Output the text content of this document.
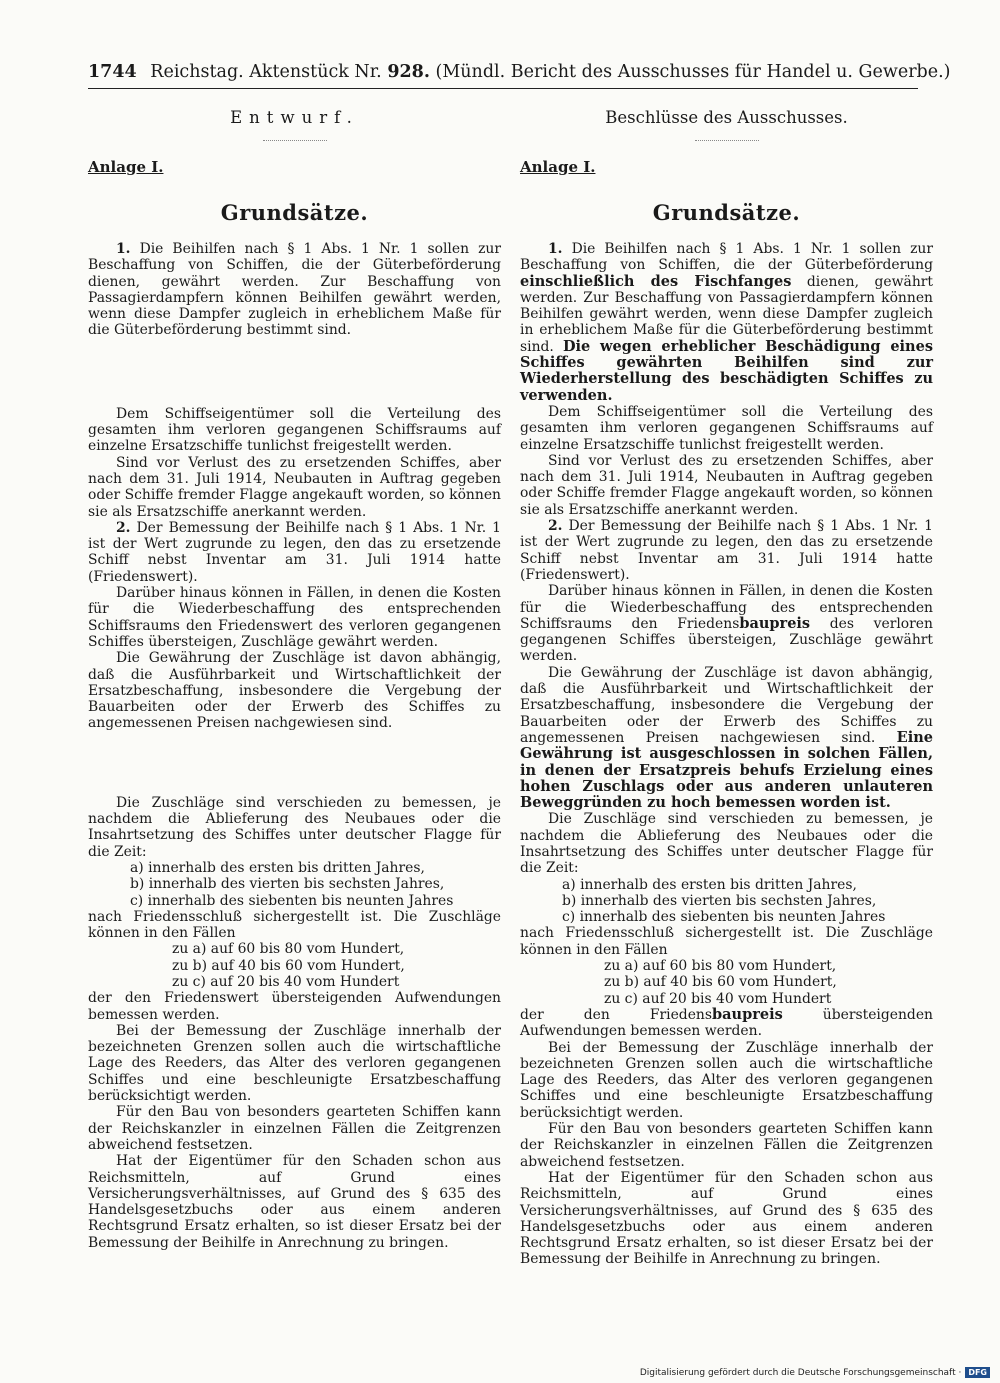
1744 Reichstag. Aktenstück Nr. 928. (Mündl. Bericht des Ausschusses für Handel u. Gewerbe.)
Entwurf.
Anlage I.
Grundsätze.

1. Die Beihilfen nach § 1 Abs. 1 Nr. 1 sollen zur Beschaffung von Schiffen, die der Güterbeförderung dienen, gewährt werden. Zur Beschaffung von Passagierdampfern können Beihilfen gewährt werden, wenn diese Dampfer zugleich in erheblichem Maße für die Güterbeförderung bestimmt sind.

Dem Schiffseigentümer soll die Verteilung des gesamten ihm verloren gegangenen Schiffsraums auf einzelne Ersatzschiffe tunlichst freigestellt werden.

Sind vor Verlust des zu ersetzenden Schiffes, aber nach dem 31. Juli 1914, Neubauten in Auftrag gegeben oder Schiffe fremder Flagge angekauft worden, so können sie als Ersatzschiffe anerkannt werden.

2. Der Bemessung der Beihilfe nach § 1 Abs. 1 Nr. 1 ist der Wert zugrunde zu legen, den das zu ersetzende Schiff nebst Inventar am 31. Juli 1914 hatte (Friedenswert).

Darüber hinaus können in Fällen, in denen die Kosten für die Wiederbeschaffung des entsprechenden Schiffsraums den Friedenswert des verloren gegangenen Schiffes übersteigen, Zuschläge gewährt werden.

Die Gewährung der Zuschläge ist davon abhängig, daß die Ausführbarkeit und Wirtschaftlichkeit der Ersatzbeschaffung, insbesondere die Vergebung der Bauarbeiten oder der Erwerb des Schiffes zu angemessenen Preisen nachgewiesen sind.

Die Zuschläge sind verschieden zu bemessen, je nachdem die Ablieferung des Neubaues oder die Insahrtsetzung des Schiffes unter deutscher Flagge für die Zeit:

a) innerhalb des ersten bis dritten Jahres,
b) innerhalb des vierten bis sechsten Jahres,
c) innerhalb des siebenten bis neunten Jahres

nach Friedensschluß sichergestellt ist. Die Zuschläge können in den Fällen

zu a) auf 60 bis 80 vom Hundert,
zu b) auf 40 bis 60 vom Hundert,
zu c) auf 20 bis 40 vom Hundert

der den Friedenswert übersteigenden Aufwendungen bemessen werden.

Bei der Bemessung der Zuschläge innerhalb der bezeichneten Grenzen sollen auch die wirtschaftliche Lage des Reeders, das Alter des verloren gegangenen Schiffes und eine beschleunigte Ersatzbeschaffung berücksichtigt werden.

Für den Bau von besonders gearteten Schiffen kann der Reichskanzler in einzelnen Fällen die Zeitgrenzen abweichend festsetzen.

Hat der Eigentümer für den Schaden schon aus Reichsmitteln, auf Grund eines Versicherungsverhältnisses, auf Grund des § 635 des Handelsgesetzbuchs oder aus einem anderen Rechtsgrund Ersatz erhalten, so ist dieser Ersatz bei der Bemessung der Beihilfe in Anrechnung zu bringen.

Beschlüsse des Ausschusses.
Anlage I.
Grundsätze.

1. Die Beihilfen nach § 1 Abs. 1 Nr. 1 sollen zur Beschaffung von Schiffen, die der Güterbeförderung einschließlich des Fischfanges dienen, gewährt werden. Zur Beschaffung von Passagierdampfern können Beihilfen gewährt werden, wenn diese Dampfer zugleich in erheblichem Maße für die Güterbeförderung bestimmt sind. Die wegen erheblicher Beschädigung eines Schiffes gewährten Beihilfen sind zur Wiederherstellung des beschädigten Schiffes zu verwenden.

Dem Schiffseigentümer soll die Verteilung des gesamten ihm verloren gegangenen Schiffsraums auf einzelne Ersatzschiffe tunlichst freigestellt werden.

Sind vor Verlust des zu ersetzenden Schiffes, aber nach dem 31. Juli 1914, Neubauten in Auftrag gegeben oder Schiffe fremder Flagge angekauft worden, so können sie als Ersatzschiffe anerkannt werden.

2. Der Bemessung der Beihilfe nach § 1 Abs. 1 Nr. 1 ist der Wert zugrunde zu legen, den das zu ersetzende Schiff nebst Inventar am 31. Juli 1914 hatte (Friedenswert).

Darüber hinaus können in Fällen, in denen die Kosten für die Wiederbeschaffung des entsprechenden Schiffsraums den Friedensbaupreis des verloren gegangenen Schiffes übersteigen, Zuschläge gewährt werden.

Die Gewährung der Zuschläge ist davon abhängig, daß die Ausführbarkeit und Wirtschaftlichkeit der Ersatzbeschaffung, insbesondere die Vergebung der Bauarbeiten oder der Erwerb des Schiffes zu angemessenen Preisen nachgewiesen sind. Eine Gewährung ist ausgeschlossen in solchen Fällen, in denen der Ersatzpreis behufs Erzielung eines hohen Zuschlags oder aus anderen unlauteren Beweggründen zu hoch bemessen worden ist.

Die Zuschläge sind verschieden zu bemessen, je nachdem die Ablieferung des Neubaues oder die Insahrtsetzung des Schiffes unter deutscher Flagge für die Zeit:

a) innerhalb des ersten bis dritten Jahres,
b) innerhalb des vierten bis sechsten Jahres,
c) innerhalb des siebenten bis neunten Jahres

nach Friedensschluß sichergestellt ist. Die Zuschläge können in den Fällen

zu a) auf 60 bis 80 vom Hundert,
zu b) auf 40 bis 60 vom Hundert,
zu c) auf 20 bis 40 vom Hundert

der den Friedensbaupreis übersteigenden Aufwendungen bemessen werden.

Bei der Bemessung der Zuschläge innerhalb der bezeichneten Grenzen sollen auch die wirtschaftliche Lage des Reeders, das Alter des verloren gegangenen Schiffes und eine beschleunigte Ersatzbeschaffung berücksichtigt werden.

Für den Bau von besonders gearteten Schiffen kann der Reichskanzler in einzelnen Fällen die Zeitgrenzen abweichend festsetzen.

Hat der Eigentümer für den Schaden schon aus Reichsmitteln, auf Grund eines Versicherungsverhältnisses, auf Grund des § 635 des Handelsgesetzbuchs oder aus einem anderen Rechtsgrund Ersatz erhalten, so ist dieser Ersatz bei der Bemessung der Beihilfe in Anrechnung zu bringen.

Digitalisierung gefördert durch die Deutsche Forschungsgemeinschaft · DFG
